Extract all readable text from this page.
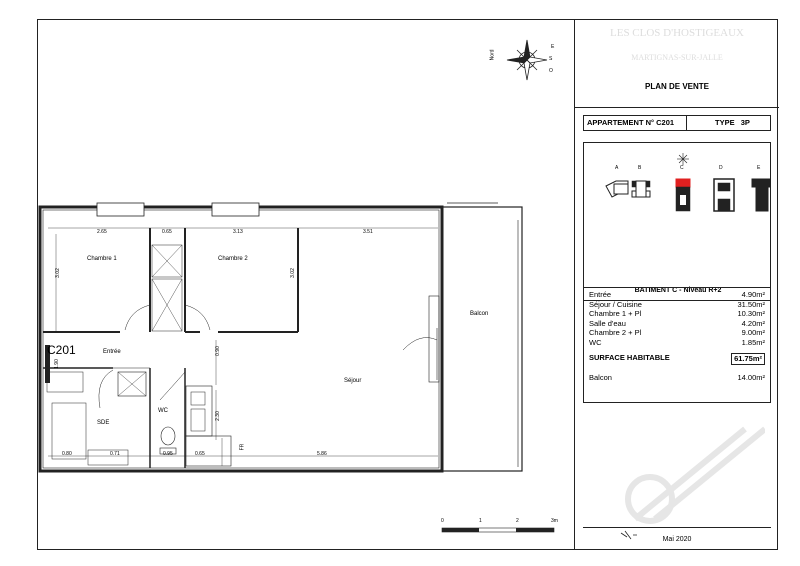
Nord
E
S
O
Chambre 1	Chambre 2
Entrée
Séjour
Balcon
SDE
WC
FR
C201
2.65	0.65	3.13	3.51
3.02	3.02
0.90
2.30
5.86
0.80	0.71	0.95	0.65
1.90
0	1	2	3m
LES CLOS D'HOSTIGEAUX
MARTIGNAS-SUR-JALLE
PLAN DE VENTE
APPARTEMENT N° C201	TYPE 3P
A	B	C	D	E
BATIMENT C - Niveau R+2
Entrée	4.90m²
Séjour / Cuisine	31.50m²
Chambre 1 + Pl	10.30m²
Salle d'eau	4.20m²
Chambre 2 + Pl	9.00m²
WC	1.85m²
SURFACE HABITABLE	61.75m²
Balcon	14.00m²
Mai 2020
